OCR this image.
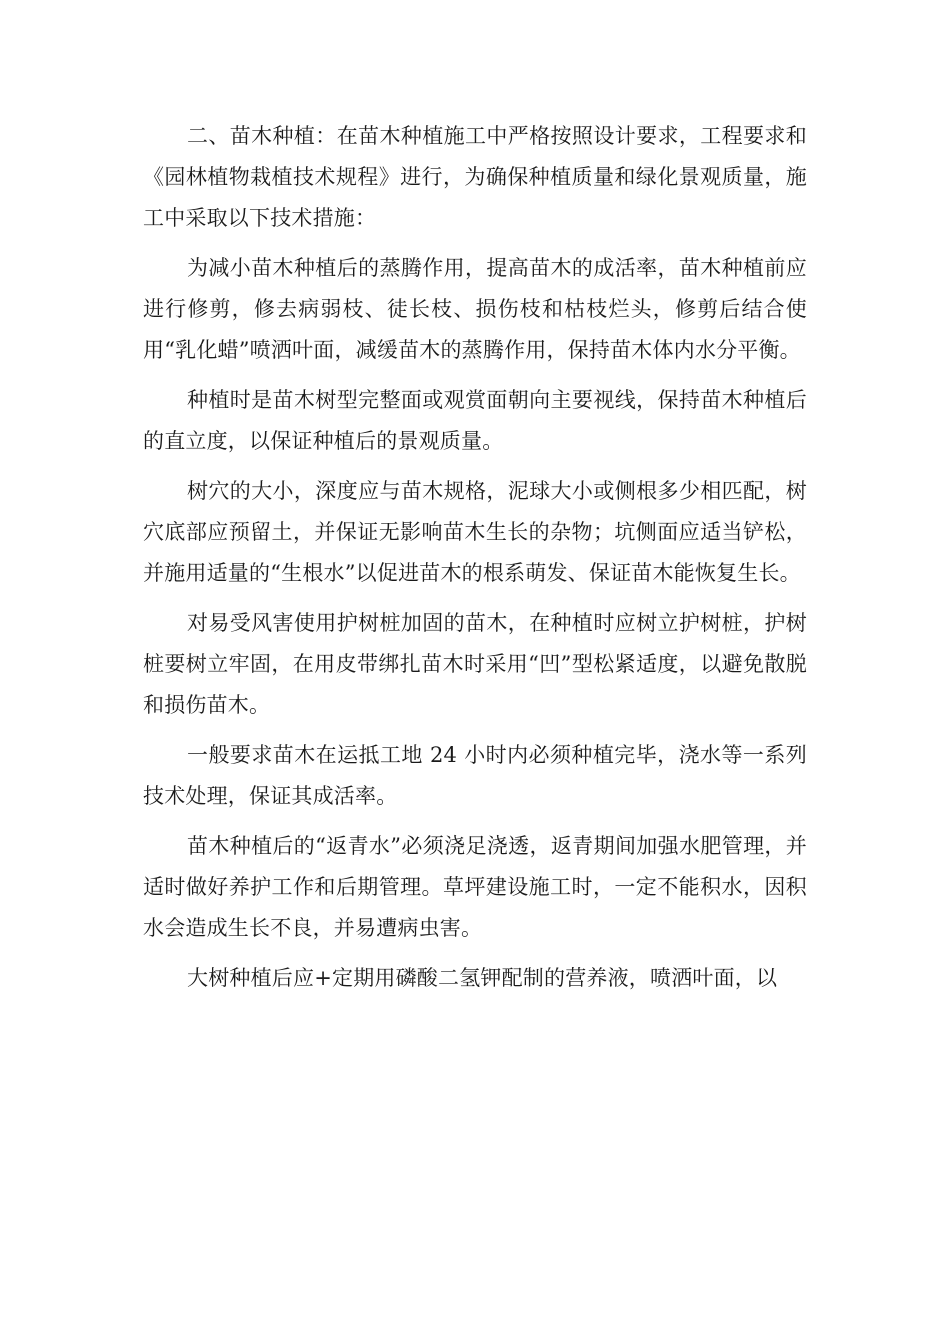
二、苗木种植：在苗木种植施工中严格按照设计要求，工程要求和《园林植物栽植技术规程》进行，为确保种植质量和绿化景观质量，施工中采取以下技术措施：

为减小苗木种植后的蒸腾作用，提高苗木的成活率，苗木种植前应进行修剪，修去病弱枝、徒长枝、损伤枝和枯枝烂头，修剪后结合使用“乳化蜡”喷洒叶面，减缓苗木的蒸腾作用，保持苗木体内水分平衡。

种植时是苗木树型完整面或观赏面朝向主要视线，保持苗木种植后的直立度，以保证种植后的景观质量。

树穴的大小，深度应与苗木规格，泥球大小或侧根多少相匹配，树穴底部应预留土，并保证无影响苗木生长的杂物；坑侧面应适当铲松，并施用适量的“生根水”以促进苗木的根系萌发、保证苗木能恢复生长。

对易受风害使用护树桩加固的苗木，在种植时应树立护树桩，护树桩要树立牢固，在用皮带绑扎苗木时采用“凹”型松紧适度，以避免散脱和损伤苗木。

一般要求苗木在运抵工地 24 小时内必须种植完毕，浇水等一系列技术处理，保证其成活率。

苗木种植后的“返青水”必须浇足浇透，返青期间加强水肥管理，并适时做好养护工作和后期管理。草坪建设施工时，一定不能积水，因积水会造成生长不良，并易遭病虫害。

大树种植后应+定期用磷酸二氢钾配制的营养液，喷洒叶面，以
